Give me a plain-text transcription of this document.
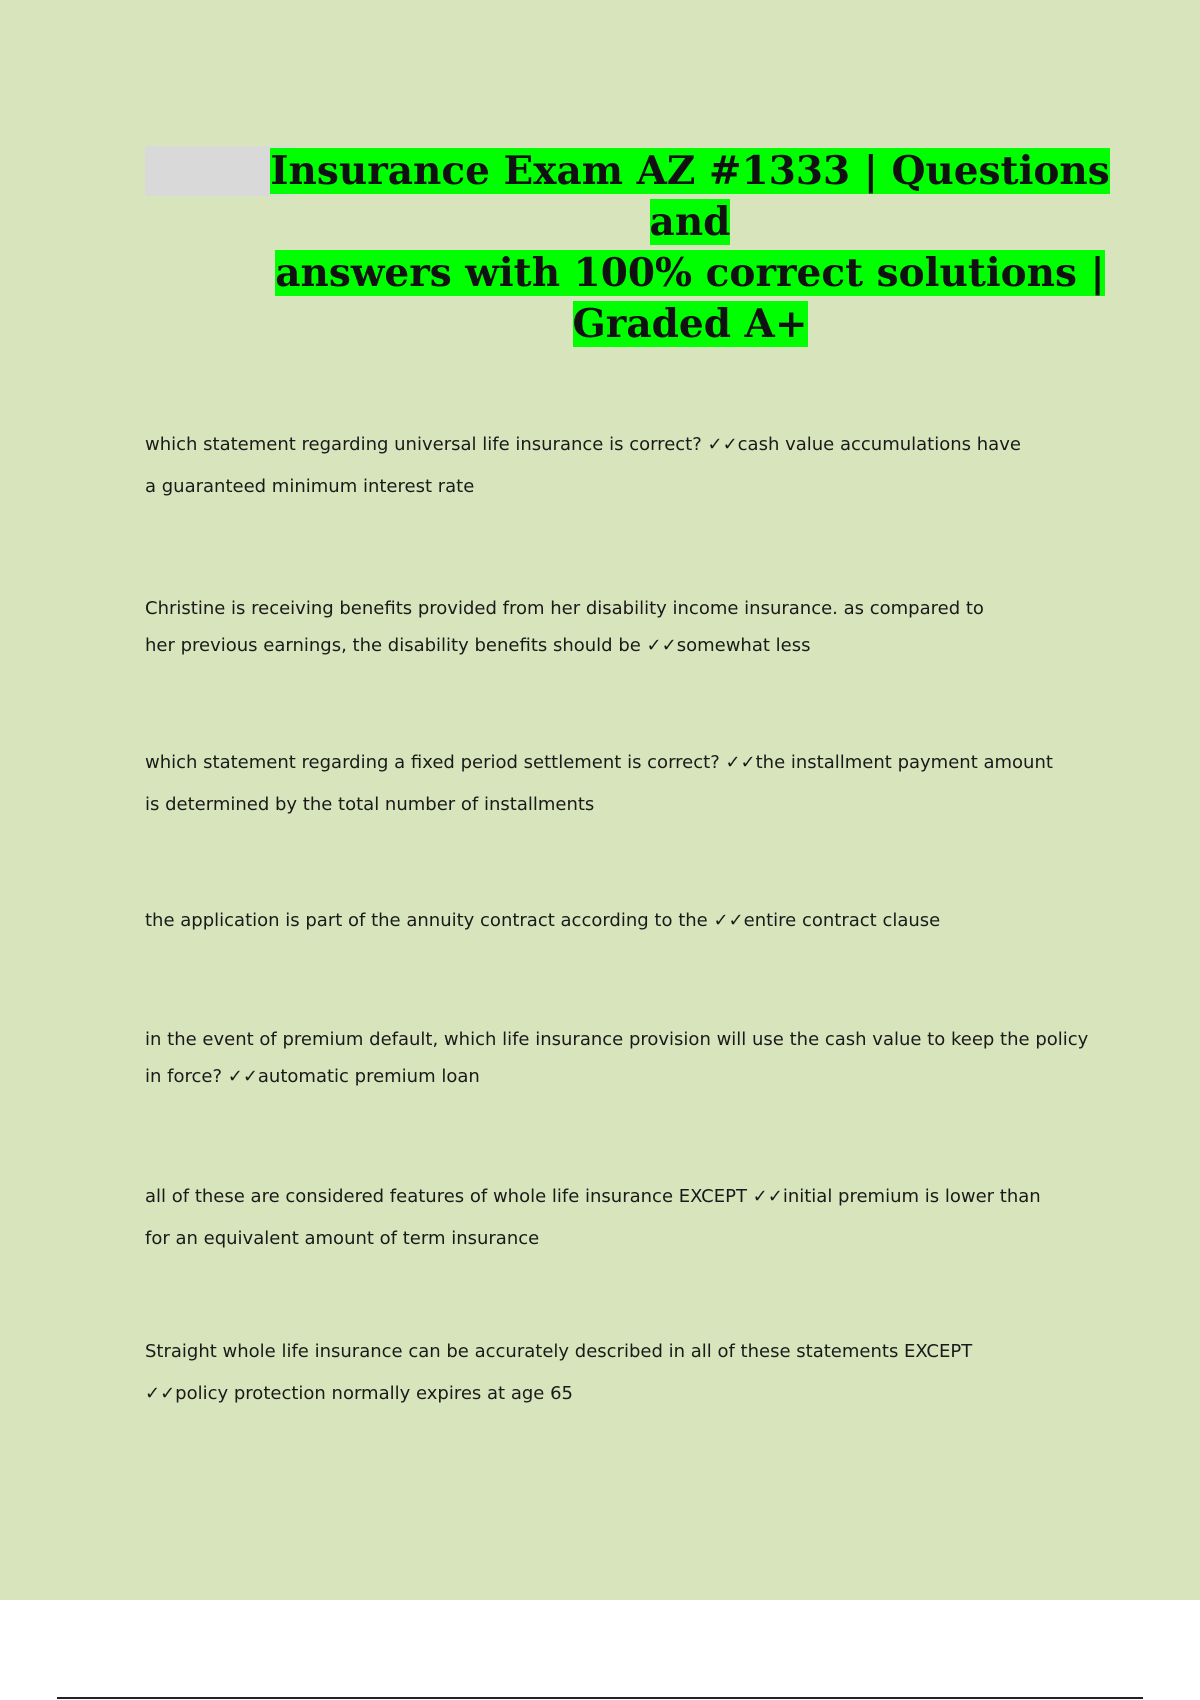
Insurance Exam AZ #1333 | Questions and
answers with 100% correct solutions |
Graded A+

which statement regarding universal life insurance is correct? ✓✓cash value accumulations have
a guaranteed minimum interest rate

Christine is receiving benefits provided from her disability income insurance. as compared to
her previous earnings, the disability benefits should be ✓✓somewhat less

which statement regarding a fixed period settlement is correct? ✓✓the installment payment amount
is determined by the total number of installments

the application is part of the annuity contract according to the ✓✓entire contract clause

in the event of premium default, which life insurance provision will use the cash value to keep the policy
in force? ✓✓automatic premium loan

all of these are considered features of whole life insurance EXCEPT ✓✓initial premium is lower than
for an equivalent amount of term insurance

Straight whole life insurance can be accurately described in all of these statements EXCEPT
✓✓policy protection normally expires at age 65
